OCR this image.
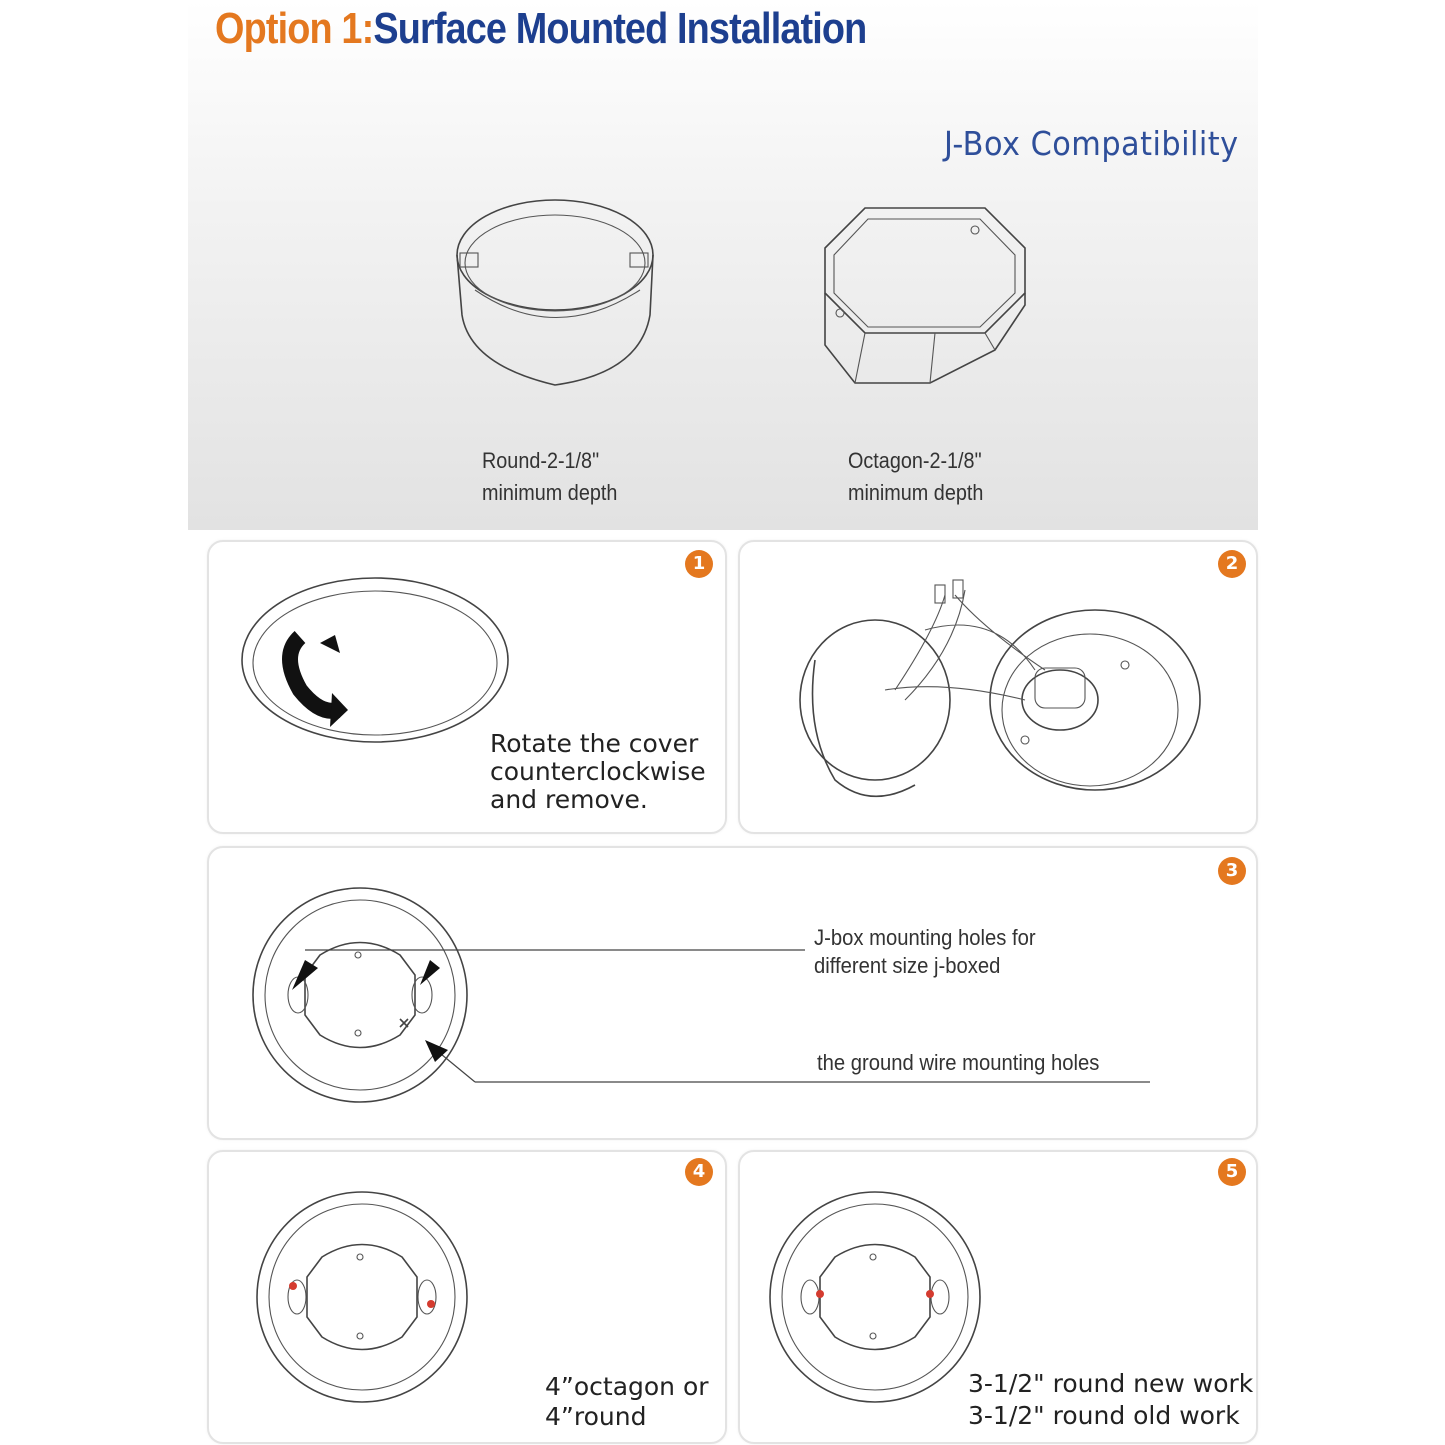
Option 1:Surface Mounted Installation
J-Box Compatibility
Round-2-1/8"
minimum depth
Octagon-2-1/8"
minimum depth
1
Rotate the cover
counterclockwise
and remove.
2
3
J-box mounting holes for
different size j-boxed
the ground wire mounting holes
4
4”octagon or
4”round
5
3-1/2" round new work
3-1/2" round old work
